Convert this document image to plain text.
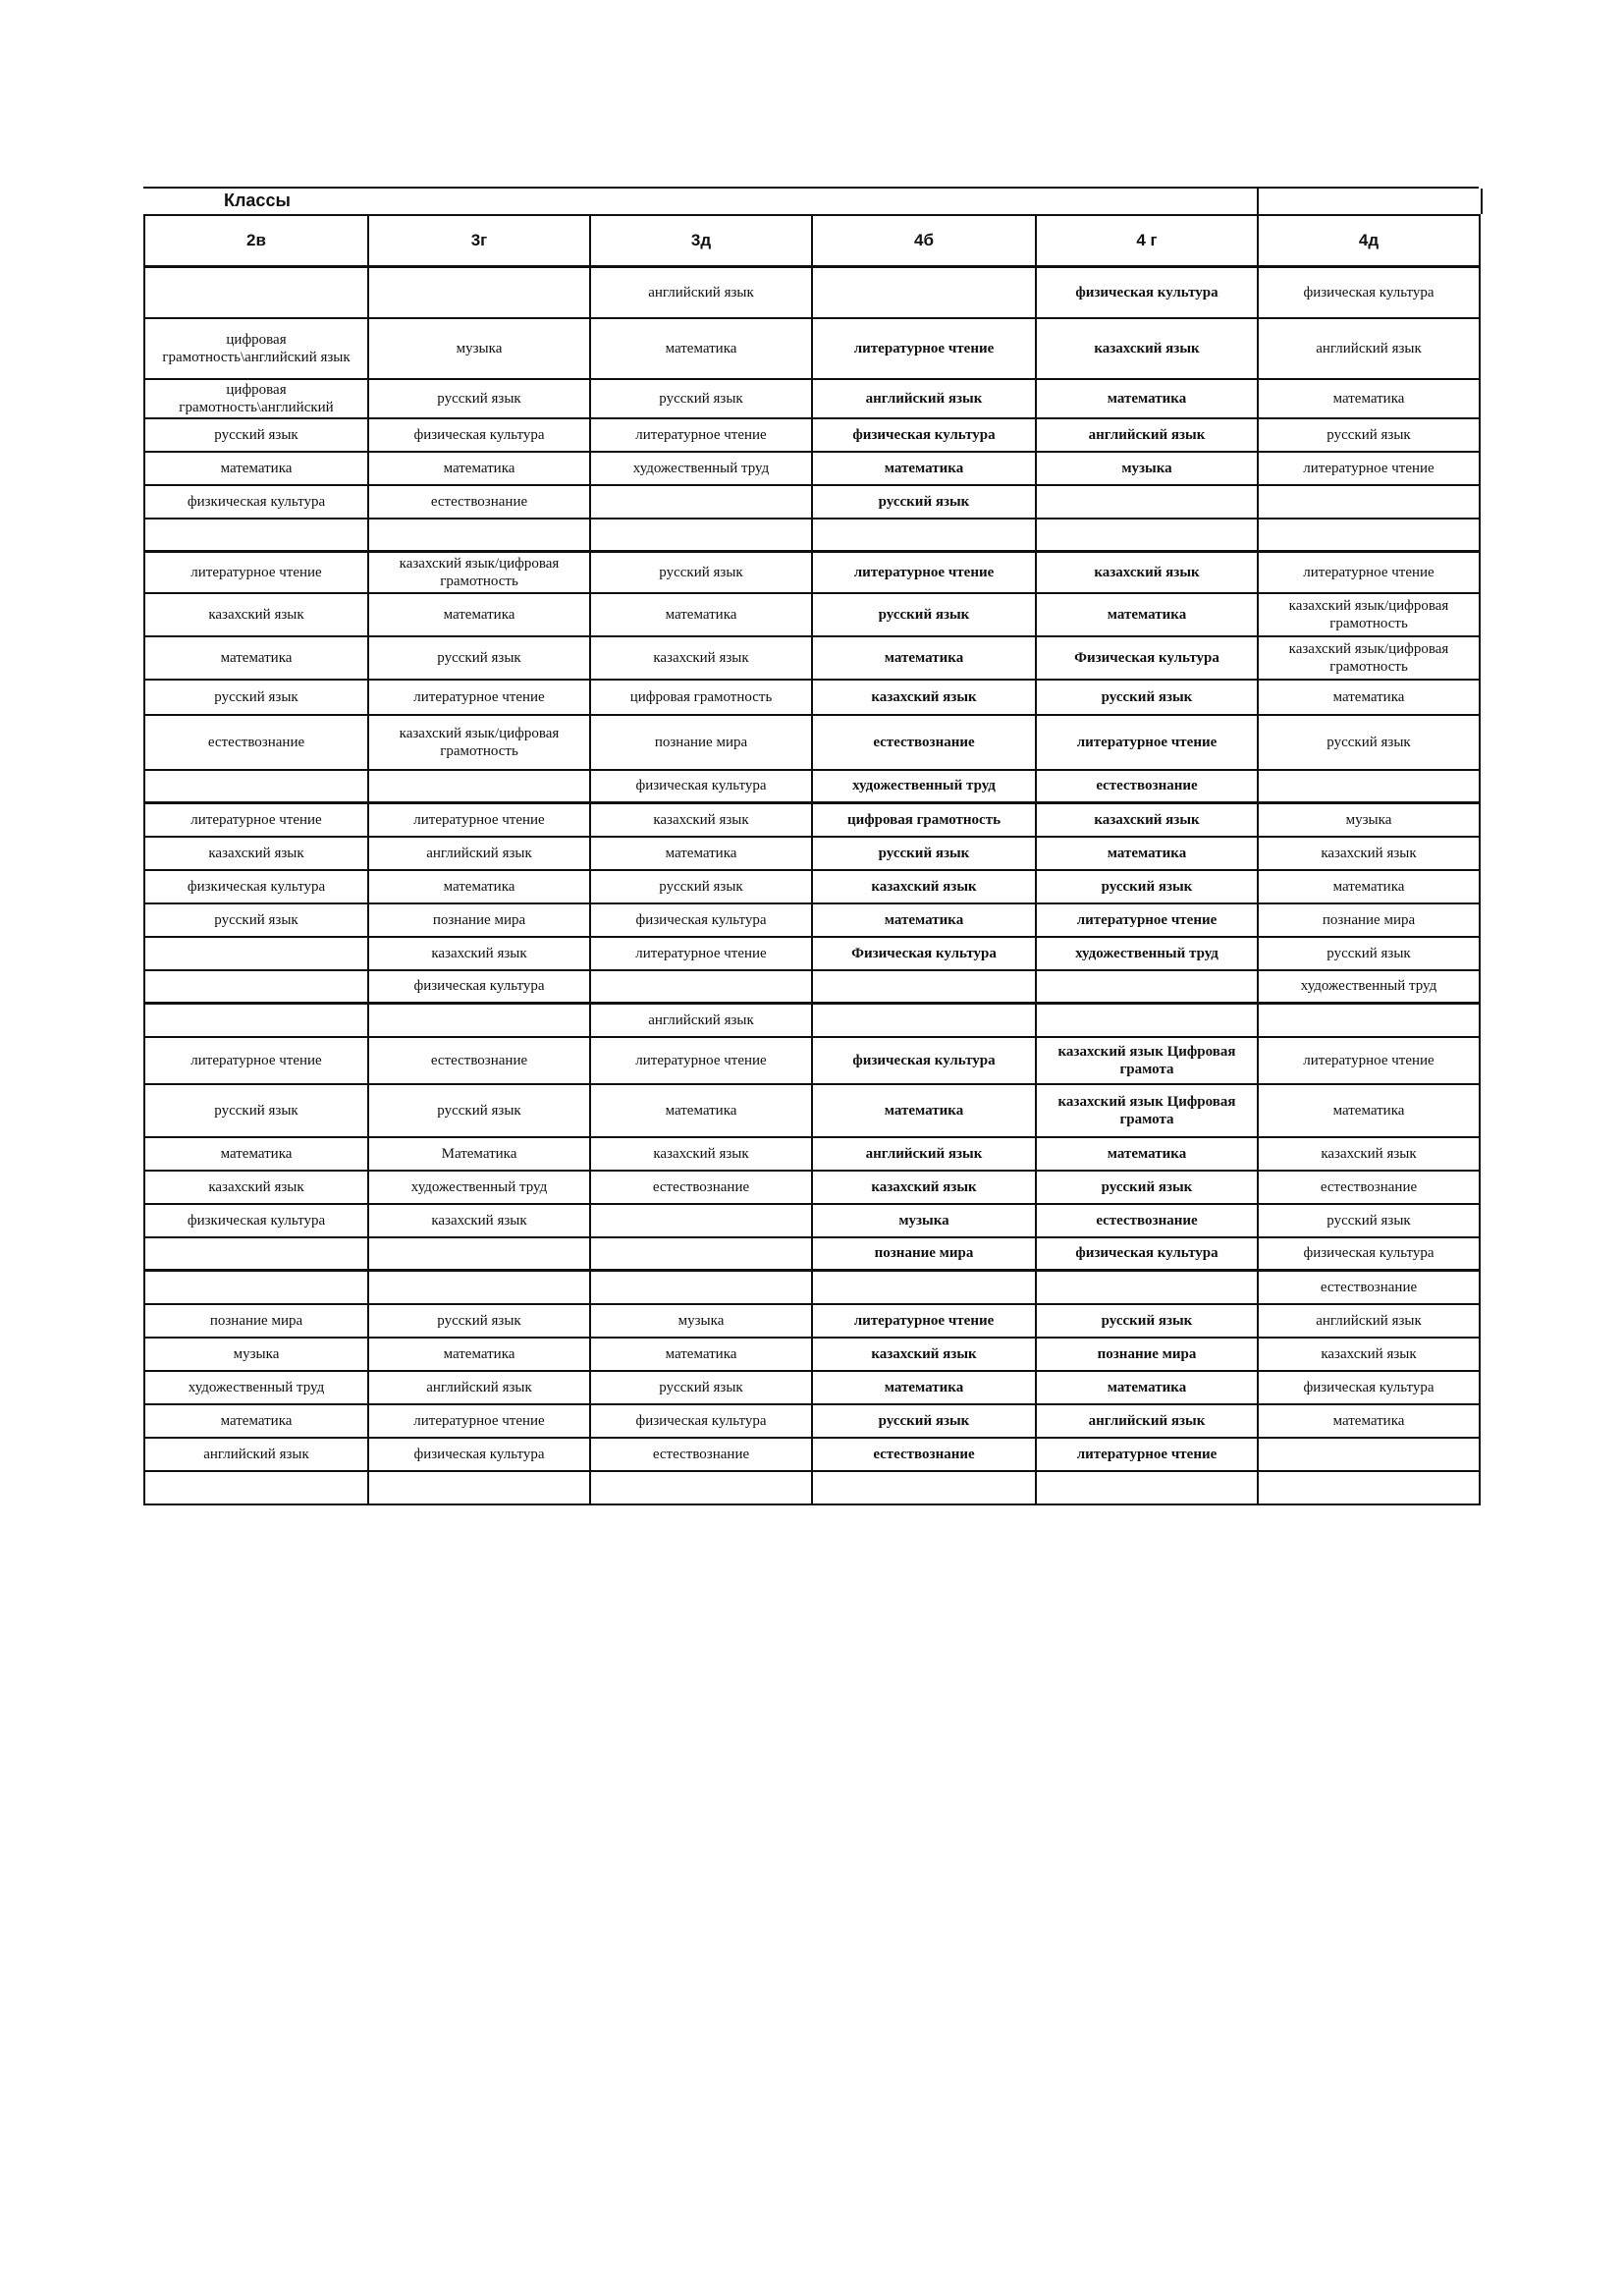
Классы
2в	3г	3д	4б	4 г	4д
		английский язык		физическая культура	физическая культура
цифровая грамотность\английский язык	музыка	математика	литературное чтение	казахский язык	английский язык
цифровая грамотность\английский	русский язык	русский язык	английский язык	математика	математика
русский язык	физическая культура	литературное чтение	физическая культура	английский язык	русский язык
математика	математика	художественный труд	математика	музыка	литературное чтение
физкическая культура	естествознание		русский язык		

литературное чтение	казахский язык/цифровая грамотность	русский язык	литературное чтение	казахский язык	литературное чтение
казахский язык	математика	математика	русский язык	математика	казахский язык/цифровая грамотность
математика	русский язык	казахский язык	математика	Физическая культура	казахский язык/цифровая грамотность
русский язык	литературное чтение	цифровая грамотность	казахский язык	русский язык	математика
естествознание	казахский язык/цифровая грамотность	познание мира	естествознание	литературное чтение	русский язык
		физическая культура	художественный труд	естествознание	
литературное чтение	литературное чтение	казахский язык	цифровая грамотность	казахский язык	музыка
казахский язык	английский язык	математика	русский язык	математика	казахский язык
физкическая культура	математика	русский язык	казахский язык	русский язык	математика
русский язык	познание мира	физическая культура	математика	литературное чтение	познание мира
	казахский язык	литературное чтение	Физическая культура	художественный труд	русский язык
	физическая культура				художественный труд
		английский язык			
литературное чтение	естествознание	литературное чтение	физическая культура	казахский язык Цифровая грамота	литературное чтение
русский язык	русский язык	математика	математика	казахский язык Цифровая грамота	математика
математика	Математика	казахский язык	английский язык	математика	казахский язык
казахский язык	художественный труд	естествознание	казахский язык	русский язык	естествознание
физкическая культура	казахский язык		музыка	естествознание	русский язык
			познание мира	физическая культура	физическая культура
					естествознание
познание мира	русский язык	музыка	литературное чтение	русский язык	английский язык
музыка	математика	математика	казахский язык	познание мира	казахский язык
художественный труд	английский язык	русский язык	математика	математика	физическая культура
математика	литературное чтение	физическая культура	русский язык	английский язык	математика
английский язык	физическая культура	естествознание	естествознание	литературное чтение	
